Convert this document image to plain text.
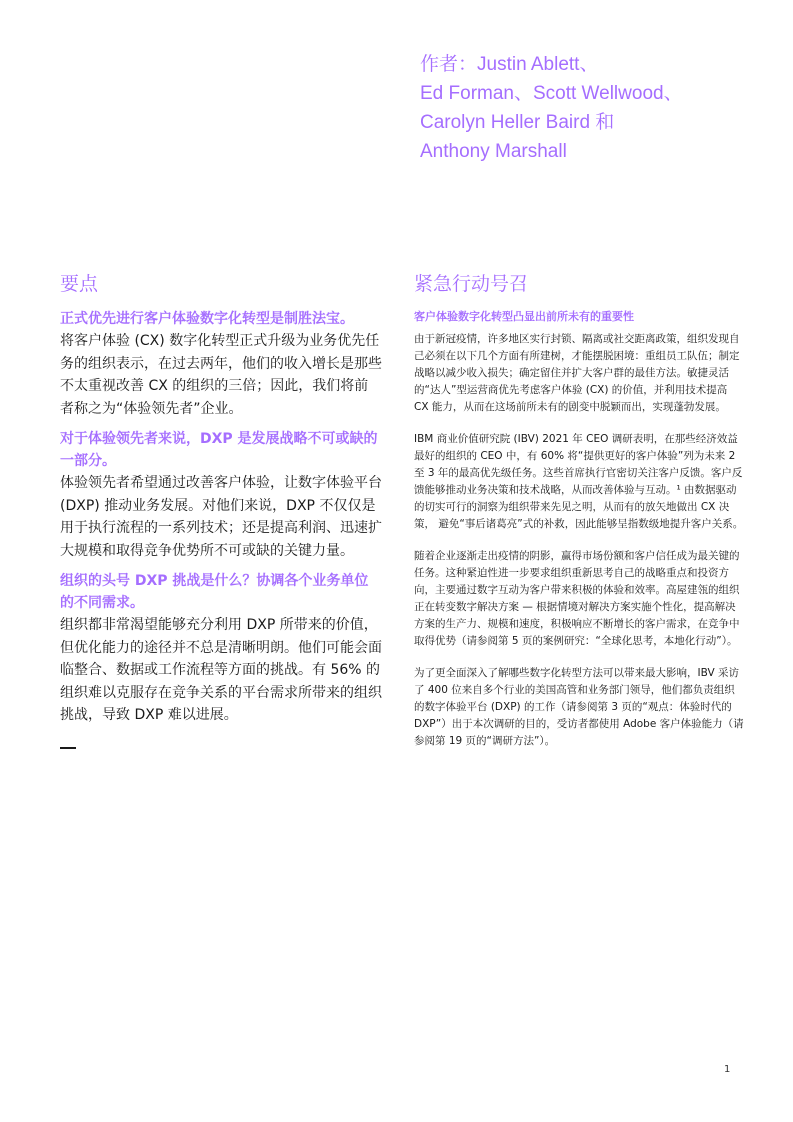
作者：Justin Ablett、
Ed Forman、Scott Wellwood、
Carolyn Heller Baird 和
Anthony Marshall
要点

正式优先进行客户体验数字化转型是制胜法宝。

将客户体验 (CX) 数字化转型正式升级为业务优先任务的组织表示，在过去两年，他们的收入增长是那些不太重视改善 CX 的组织的三倍；因此，我们将前者称之为“体验领先者”企业。

对于体验领先者来说，DXP 是发展战略不可或缺的一部分。

体验领先者希望通过改善客户体验，让数字体验平台 (DXP) 推动业务发展。对他们来说，DXP 不仅仅是用于执行流程的一系列技术；还是提高利润、迅速扩大规模和取得竞争优势所不可或缺的关键力量。

组织的头号 DXP 挑战是什么？协调各个业务单位的不同需求。

组织都非常渴望能够充分利用 DXP 所带来的价值，但优化能力的途径并不总是清晰明朗。他们可能会面临整合、数据或工作流程等方面的挑战。有 56% 的组织难以克服存在竞争关系的平台需求所带来的组织挑战，导致 DXP 难以进展。

紧急行动号召

客户体验数字化转型凸显出前所未有的重要性

由于新冠疫情，许多地区实行封锁、隔离或社交距离政策，组织发现自己必须在以下几个方面有所建树，才能摆脱困境：重组员工队伍；制定战略以减少收入损失；确定留住并扩大客户群的最佳方法。敏捷灵活的“达人”型运营商优先考虑客户体验 (CX) 的价值，并利用技术提高 CX 能力，从而在这场前所未有的剧变中脱颖而出，实现蓬勃发展。

IBM 商业价值研究院 (IBV) 2021 年 CEO 调研表明，在那些经济效益最好的组织的 CEO 中，有 60% 将“提供更好的客户体验”列为未来 2 至 3 年的最高优先级任务。这些首席执行官密切关注客户反馈。客户反馈能够推动业务决策和技术战略，从而改善体验与互动。¹ 由数据驱动的切实可行的洞察为组织带来先见之明，从而有的放矢地做出 CX 决策， 避免“事后诸葛亮”式的补救，因此能够呈指数级地提升客户关系。

随着企业逐渐走出疫情的阴影，赢得市场份额和客户信任成为最关键的任务。这种紧迫性进一步要求组织重新思考自己的战略重点和投资方向，主要通过数字互动为客户带来积极的体验和效率。高屋建瓴的组织正在转变数字解决方案 — 根据情境对解决方案实施个性化，提高解决方案的生产力、规模和速度，积极响应不断增长的客户需求，在竞争中取得优势（请参阅第 5 页的案例研究：“全球化思考，本地化行动”）。

为了更全面深入了解哪些数字化转型方法可以带来最大影响，IBV 采访了 400 位来自多个行业的美国高管和业务部门领导，他们都负责组织的数字体验平台 (DXP) 的工作（请参阅第 3 页的“观点：体验时代的 DXP”）出于本次调研的目的，受访者都使用 Adobe 客户体验能力（请参阅第 19 页的“调研方法”）。

1
